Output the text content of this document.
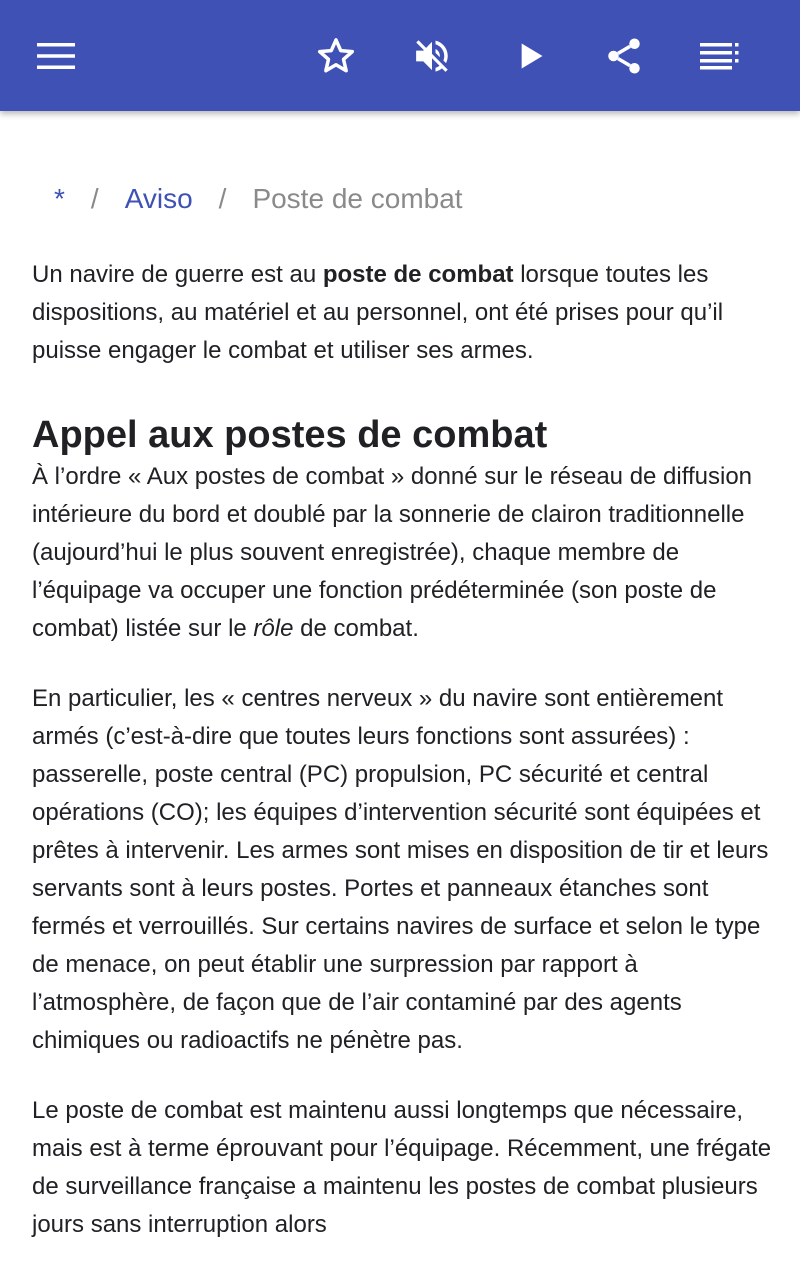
* / Aviso / Poste de combat

Un navire de guerre est au poste de combat lorsque toutes les dispositions, au matériel et au personnel, ont été prises pour qu’il puisse engager le combat et utiliser ses armes.

Appel aux postes de combat

À l’ordre « Aux postes de combat » donné sur le réseau de diffusion intérieure du bord et doublé par la sonnerie de clairon traditionnelle (aujourd’hui le plus souvent enregistrée), chaque membre de l’équipage va occuper une fonction prédéterminée (son poste de combat) listée sur le rôle de combat.

En particulier, les « centres nerveux » du navire sont entièrement armés (c’est-à-dire que toutes leurs fonctions sont assurées) : passerelle, poste central (PC) propulsion, PC sécurité et central opérations (CO); les équipes d’intervention sécurité sont équipées et prêtes à intervenir. Les armes sont mises en disposition de tir et leurs servants sont à leurs postes. Portes et panneaux étanches sont fermés et verrouillés. Sur certains navires de surface et selon le type de menace, on peut établir une surpression par rapport à l’atmosphère, de façon que de l’air contaminé par des agents chimiques ou radioactifs ne pénètre pas.

Le poste de combat est maintenu aussi longtemps que nécessaire, mais est à terme éprouvant pour l’équipage. Récemment, une frégate de surveillance française a maintenu les postes de combat plusieurs jours sans interruption alors
